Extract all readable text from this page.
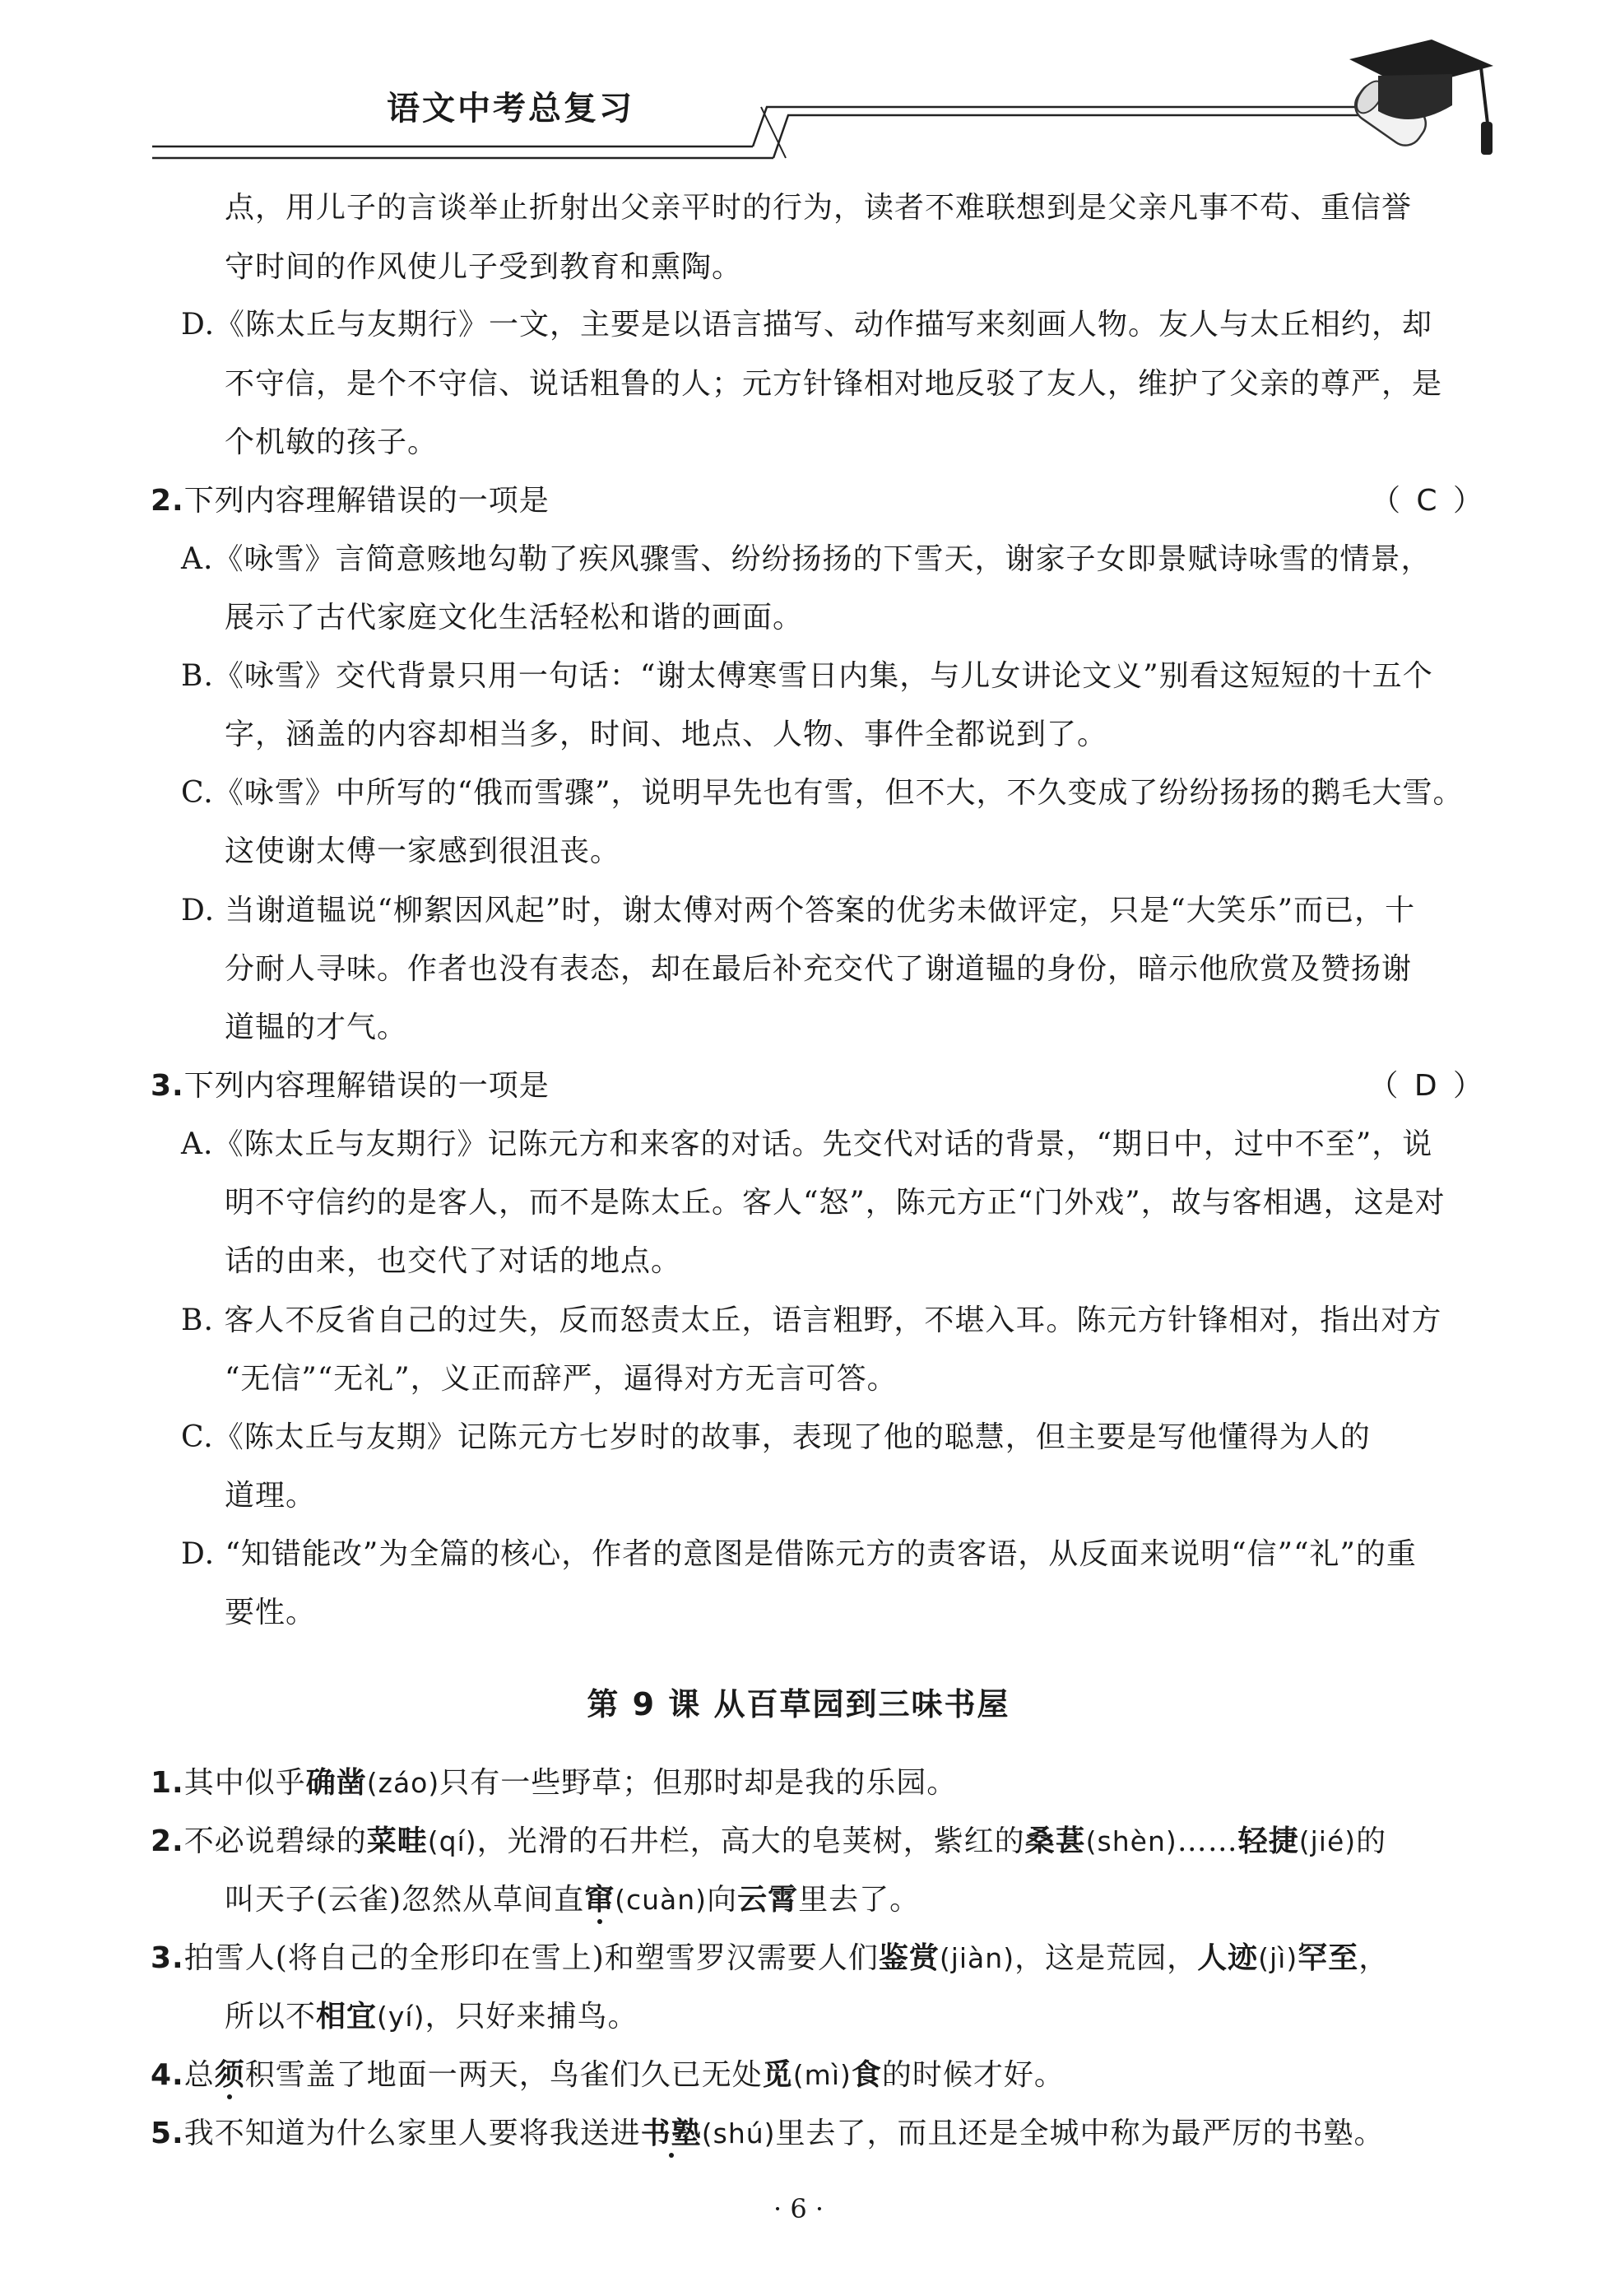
语文中考总复习
点，用儿子的言谈举止折射出父亲平时的行为，读者不难联想到是父亲凡事不苟、重信誉
守时间的作风使儿子受到教育和熏陶。
D.《陈太丘与友期行》一文，主要是以语言描写、动作描写来刻画人物。友人与太丘相约，却
不守信，是个不守信、说话粗鲁的人；元方针锋相对地反驳了友人，维护了父亲的尊严，是
个机敏的孩子。
2.下列内容理解错误的一项是	（ C ）
A.《咏雪》言简意赅地勾勒了疾风骤雪、纷纷扬扬的下雪天，谢家子女即景赋诗咏雪的情景，
展示了古代家庭文化生活轻松和谐的画面。
B.《咏雪》交代背景只用一句话：“谢太傅寒雪日内集，与儿女讲论文义”别看这短短的十五个
字，涵盖的内容却相当多，时间、地点、人物、事件全都说到了。
C.《咏雪》中所写的“俄而雪骤”，说明早先也有雪，但不大，不久变成了纷纷扬扬的鹅毛大雪。
这使谢太傅一家感到很沮丧。
D. 当谢道韫说“柳絮因风起”时，谢太傅对两个答案的优劣未做评定，只是“大笑乐”而已，十
分耐人寻味。作者也没有表态，却在最后补充交代了谢道韫的身份，暗示他欣赏及赞扬谢
道韫的才气。
3.下列内容理解错误的一项是	（ D ）
A.《陈太丘与友期行》记陈元方和来客的对话。先交代对话的背景，“期日中，过中不至”，说
明不守信约的是客人，而不是陈太丘。客人“怒”，陈元方正“门外戏”，故与客相遇，这是对
话的由来，也交代了对话的地点。
B. 客人不反省自己的过失，反而怒责太丘，语言粗野，不堪入耳。陈元方针锋相对，指出对方
“无信”“无礼”，义正而辞严，逼得对方无言可答。
C.《陈太丘与友期》记陈元方七岁时的故事，表现了他的聪慧，但主要是写他懂得为人的
道理。
D. “知错能改”为全篇的核心，作者的意图是借陈元方的责客语，从反面来说明“信”“礼”的重
要性。
第 9 课 从百草园到三味书屋
1.其中似乎确凿(záo)只有一些野草；但那时却是我的乐园。
2.不必说碧绿的菜畦(qí)，光滑的石井栏，高大的皂荚树，紫红的桑葚(shèn)……轻捷(jié)的
叫天子(云雀)忽然从草间直窜(cuàn)向云霄里去了。
3.拍雪人(将自己的全形印在雪上)和塑雪罗汉需要人们鉴赏(jiàn)，这是荒园，人迹(jì)罕至，
所以不相宜(yí)，只好来捕鸟。
4.总须积雪盖了地面一两天，鸟雀们久已无处觅(mì)食的时候才好。
5.我不知道为什么家里人要将我送进书塾(shú)里去了，而且还是全城中称为最严厉的书塾。
· 6 ·
